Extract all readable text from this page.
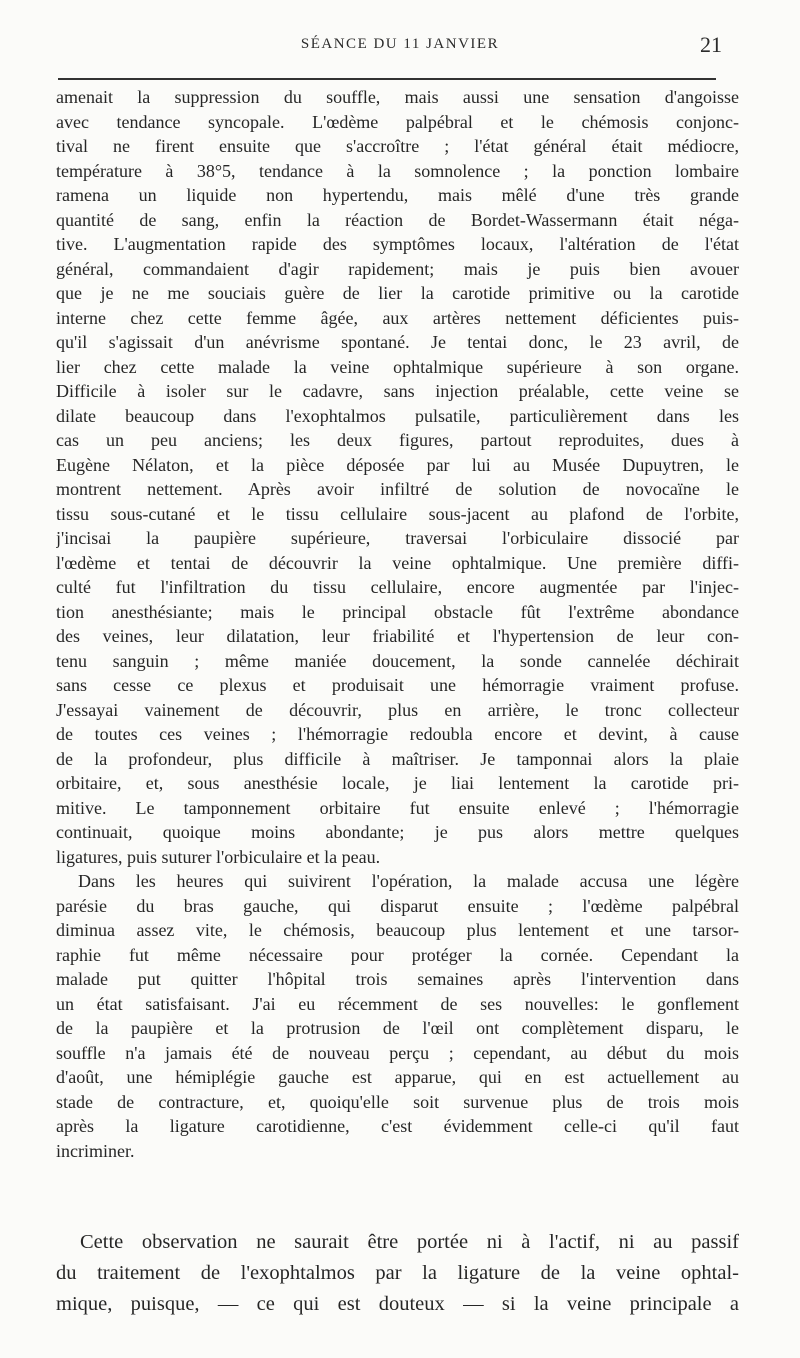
SÉANCE DU 11 JANVIER	21
amenait la suppression du souffle, mais aussi une sensation d'angoisse
avec tendance syncopale. L'œdème palpébral et le chémosis conjonc-
tival ne firent ensuite que s'accroître ; l'état général était médiocre,
température à 38°5, tendance à la somnolence ; la ponction lombaire
ramena un liquide non hypertendu, mais mêlé d'une très grande
quantité de sang, enfin la réaction de Bordet-Wassermann était néga-
tive. L'augmentation rapide des symptômes locaux, l'altération de l'état
général, commandaient d'agir rapidement; mais je puis bien avouer
que je ne me souciais guère de lier la carotide primitive ou la carotide
interne chez cette femme âgée, aux artères nettement déficientes puis-
qu'il s'agissait d'un anévrisme spontané. Je tentai donc, le 23 avril, de
lier chez cette malade la veine ophtalmique supérieure à son organe.
Difficile à isoler sur le cadavre, sans injection préalable, cette veine se
dilate beaucoup dans l'exophtalmos pulsatile, particulièrement dans les
cas un peu anciens; les deux figures, partout reproduites, dues à
Eugène Nélaton, et la pièce déposée par lui au Musée Dupuytren, le
montrent nettement. Après avoir infiltré de solution de novocaïne le
tissu sous-cutané et le tissu cellulaire sous-jacent au plafond de l'orbite,
j'incisai la paupière supérieure, traversai l'orbiculaire dissocié par
l'œdème et tentai de découvrir la veine ophtalmique. Une première diffi-
culté fut l'infiltration du tissu cellulaire, encore augmentée par l'injec-
tion anesthésiante; mais le principal obstacle fût l'extrême abondance
des veines, leur dilatation, leur friabilité et l'hypertension de leur con-
tenu sanguin ; même maniée doucement, la sonde cannelée déchirait
sans cesse ce plexus et produisait une hémorragie vraiment profuse.
J'essayai vainement de découvrir, plus en arrière, le tronc collecteur
de toutes ces veines ; l'hémorragie redoubla encore et devint, à cause
de la profondeur, plus difficile à maîtriser. Je tamponnai alors la plaie
orbitaire, et, sous anesthésie locale, je liai lentement la carotide pri-
mitive. Le tamponnement orbitaire fut ensuite enlevé ; l'hémorragie
continuait, quoique moins abondante; je pus alors mettre quelques
ligatures, puis suturer l'orbiculaire et la peau.
Dans les heures qui suivirent l'opération, la malade accusa une légère
parésie du bras gauche, qui disparut ensuite ; l'œdème palpébral
diminua assez vite, le chémosis, beaucoup plus lentement et une tarsor-
raphie fut même nécessaire pour protéger la cornée. Cependant la
malade put quitter l'hôpital trois semaines après l'intervention dans
un état satisfaisant. J'ai eu récemment de ses nouvelles: le gonflement
de la paupière et la protrusion de l'œil ont complètement disparu, le
souffle n'a jamais été de nouveau perçu ; cependant, au début du mois
d'août, une hémiplégie gauche est apparue, qui en est actuellement au
stade de contracture, et, quoiqu'elle soit survenue plus de trois mois
après la ligature carotidienne, c'est évidemment celle-ci qu'il faut
incriminer.
Cette observation ne saurait être portée ni à l'actif, ni au passif
du traitement de l'exophtalmos par la ligature de la veine ophtal-
mique, puisque, — ce qui est douteux — si la veine principale a
